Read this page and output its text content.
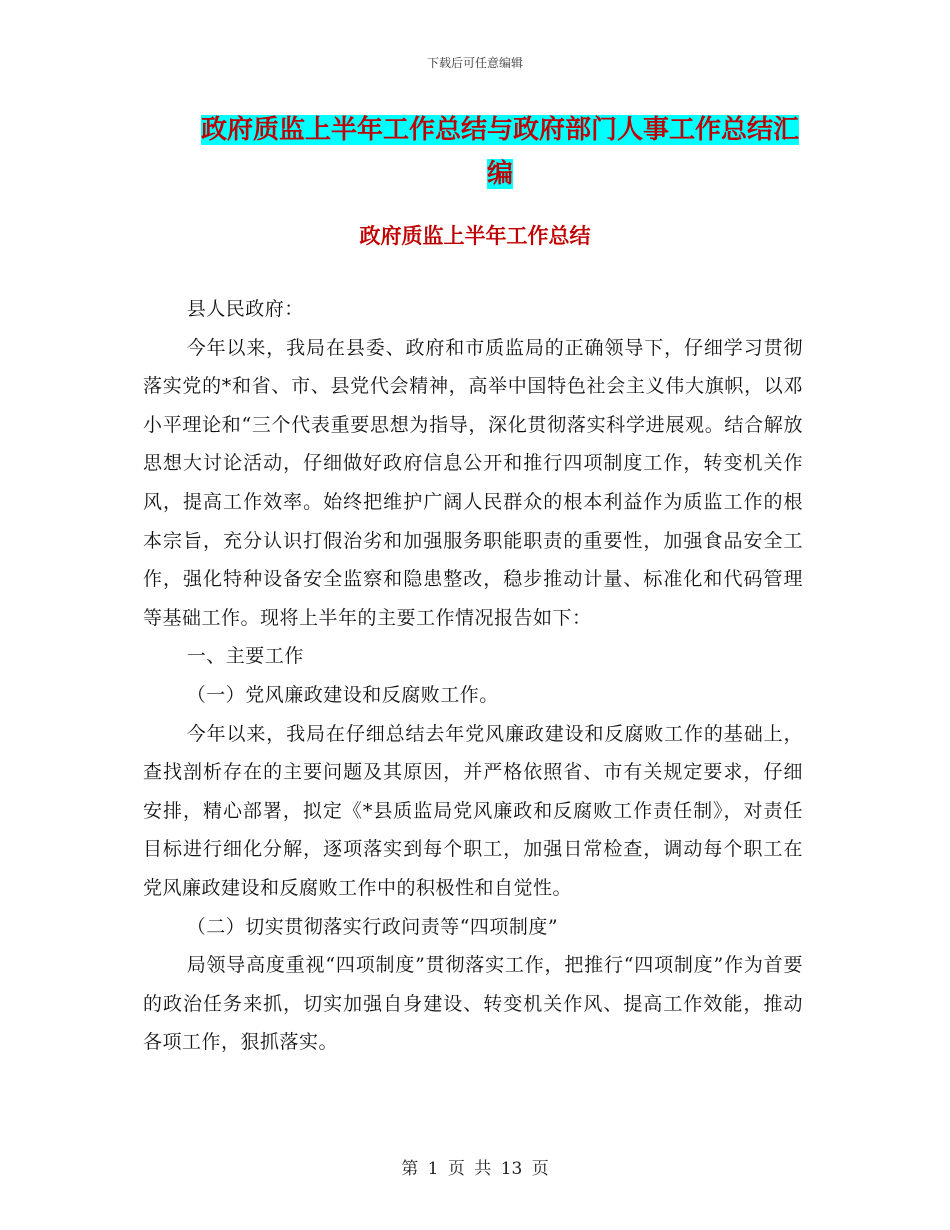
下载后可任意编辑
政府质监上半年工作总结与政府部门人事工作总结汇编
政府质监上半年工作总结

县人民政府：

今年以来，我局在县委、政府和市质监局的正确领导下，仔细学习贯彻落实党的*和省、市、县党代会精神，高举中国特色社会主义伟大旗帜，以邓小平理论和“三个代表重要思想为指导，深化贯彻落实科学进展观。结合解放思想大讨论活动，仔细做好政府信息公开和推行四项制度工作，转变机关作风，提高工作效率。始终把维护广阔人民群众的根本利益作为质监工作的根本宗旨，充分认识打假治劣和加强服务职能职责的重要性，加强食品安全工作，强化特种设备安全监察和隐患整改，稳步推动计量、标准化和代码管理等基础工作。现将上半年的主要工作情况报告如下：

一、主要工作

（一）党风廉政建设和反腐败工作。

今年以来，我局在仔细总结去年党风廉政建设和反腐败工作的基础上，查找剖析存在的主要问题及其原因，并严格依照省、市有关规定要求，仔细安排，精心部署，拟定《*县质监局党风廉政和反腐败工作责任制》，对责任目标进行细化分解，逐项落实到每个职工，加强日常检查，调动每个职工在党风廉政建设和反腐败工作中的积极性和自觉性。

（二）切实贯彻落实行政问责等“四项制度”

局领导高度重视“四项制度”贯彻落实工作，把推行“四项制度”作为首要的政治任务来抓，切实加强自身建设、转变机关作风、提高工作效能，推动各项工作，狠抓落实。

第 1 页 共 13 页
